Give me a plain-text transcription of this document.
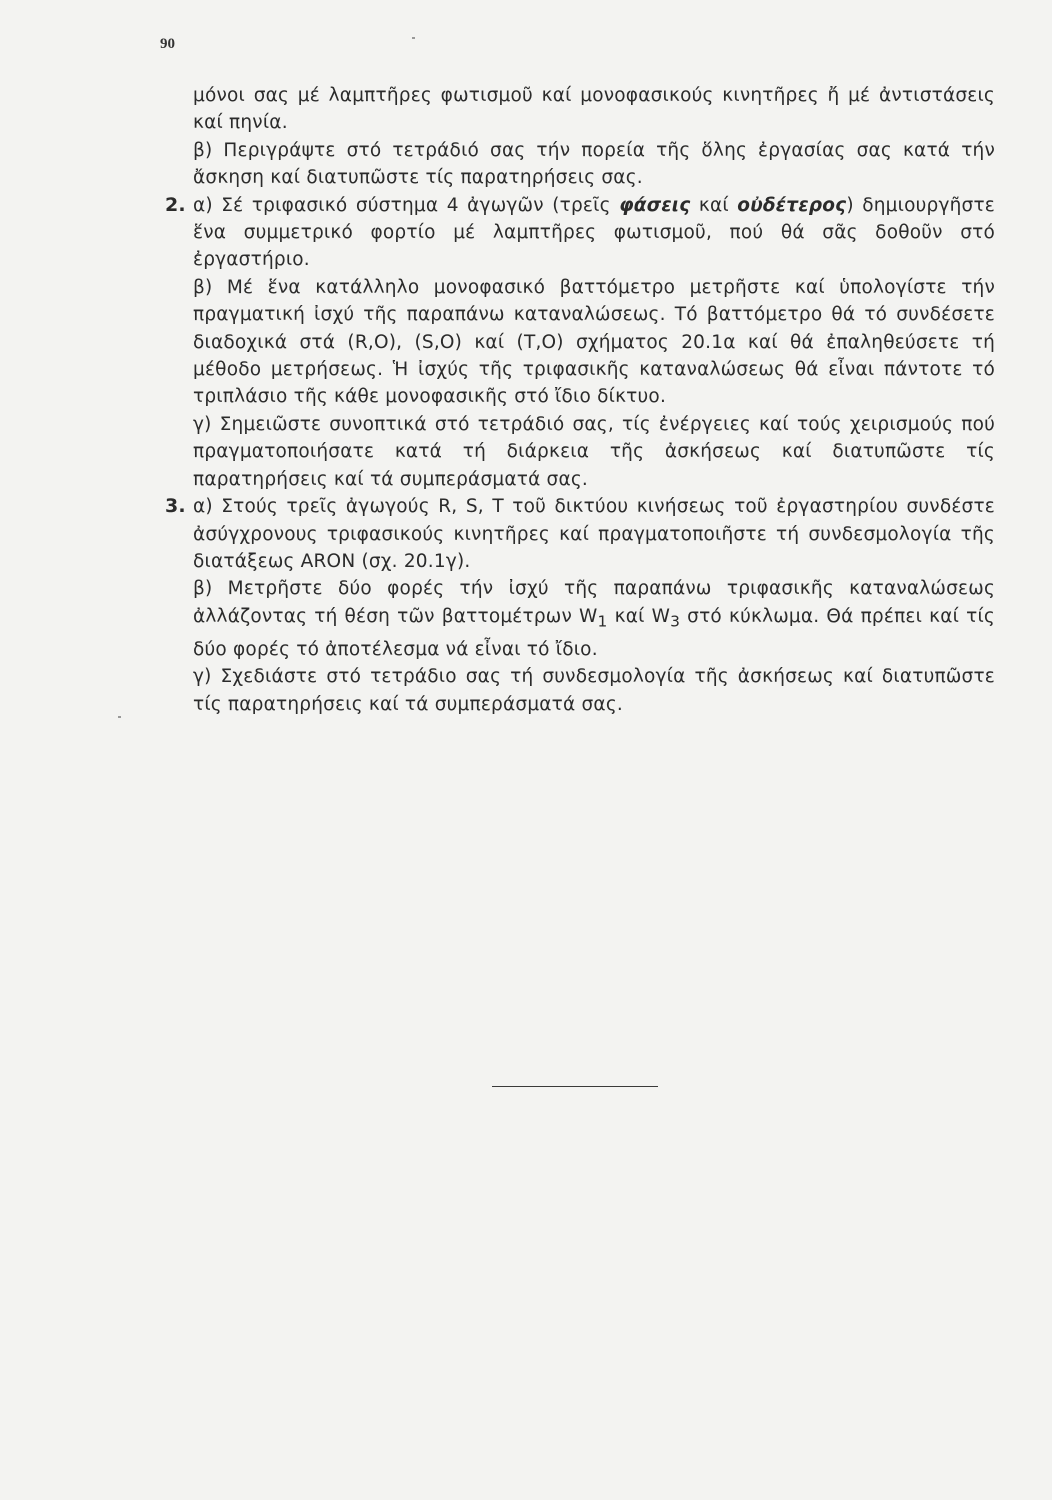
90

μόνοι σας μέ λαμπτῆρες φωτισμοῦ καί μονοφασικούς κινητῆρες ἤ μέ ἀντιστάσεις καί πηνία.

β) Περιγράψτε στό τετράδιό σας τήν πορεία τῆς ὅλης ἐργασίας σας κατά τήν ἄσκηση καί διατυπῶστε τίς παρατηρήσεις σας.

2. α) Σέ τριφασικό σύστημα 4 ἀγωγῶν (τρεῖς φάσεις καί οὐδέτερος) δημιουργῆστε ἕνα συμμετρικό φορτίο μέ λαμπτῆρες φωτισμοῦ, πού θά σᾶς δοθοῦν στό ἐργαστήριο.

β) Μέ ἕνα κατάλληλο μονοφασικό βαττόμετρο μετρῆστε καί ὑπολογίστε τήν πραγματική ἰσχύ τῆς παραπάνω καταναλώσεως. Τό βαττόμετρο θά τό συνδέσετε διαδοχικά στά (R,O), (S,O) καί (T,O) σχήματος 20.1α καί θά ἐπαληθεύσετε τή μέθοδο μετρήσεως. Ἡ ἰσχύς τῆς τριφασικῆς καταναλώσεως θά εἶναι πάντοτε τό τριπλάσιο τῆς κάθε μονοφασικῆς στό ἴδιο δίκτυο.

γ) Σημειῶστε συνοπτικά στό τετράδιό σας, τίς ἐνέργειες καί τούς χειρισμούς πού πραγματοποιήσατε κατά τή διάρκεια τῆς ἀσκήσεως καί διατυπῶστε τίς παρατηρήσεις καί τά συμπεράσματά σας.

3. α) Στούς τρεῖς ἀγωγούς R, S, T τοῦ δικτύου κινήσεως τοῦ ἐργαστηρίου συνδέστε ἀσύγχρονους τριφασικούς κινητῆρες καί πραγματοποιῆστε τή συνδεσμολογία τῆς διατάξεως ARON (σχ. 20.1γ).

β) Μετρῆστε δύο φορές τήν ἰσχύ τῆς παραπάνω τριφασικῆς καταναλώσεως ἀλλάζοντας τή θέση τῶν βαττομέτρων $W_1$ καί $W_3$ στό κύκλωμα. Θά πρέπει καί τίς δύο φορές τό ἀποτέλεσμα νά εἶναι τό ἴδιο.

γ) Σχεδιάστε στό τετράδιο σας τή συνδεσμολογία τῆς ἀσκήσεως καί διατυπῶστε τίς παρατηρήσεις καί τά συμπεράσματά σας.
